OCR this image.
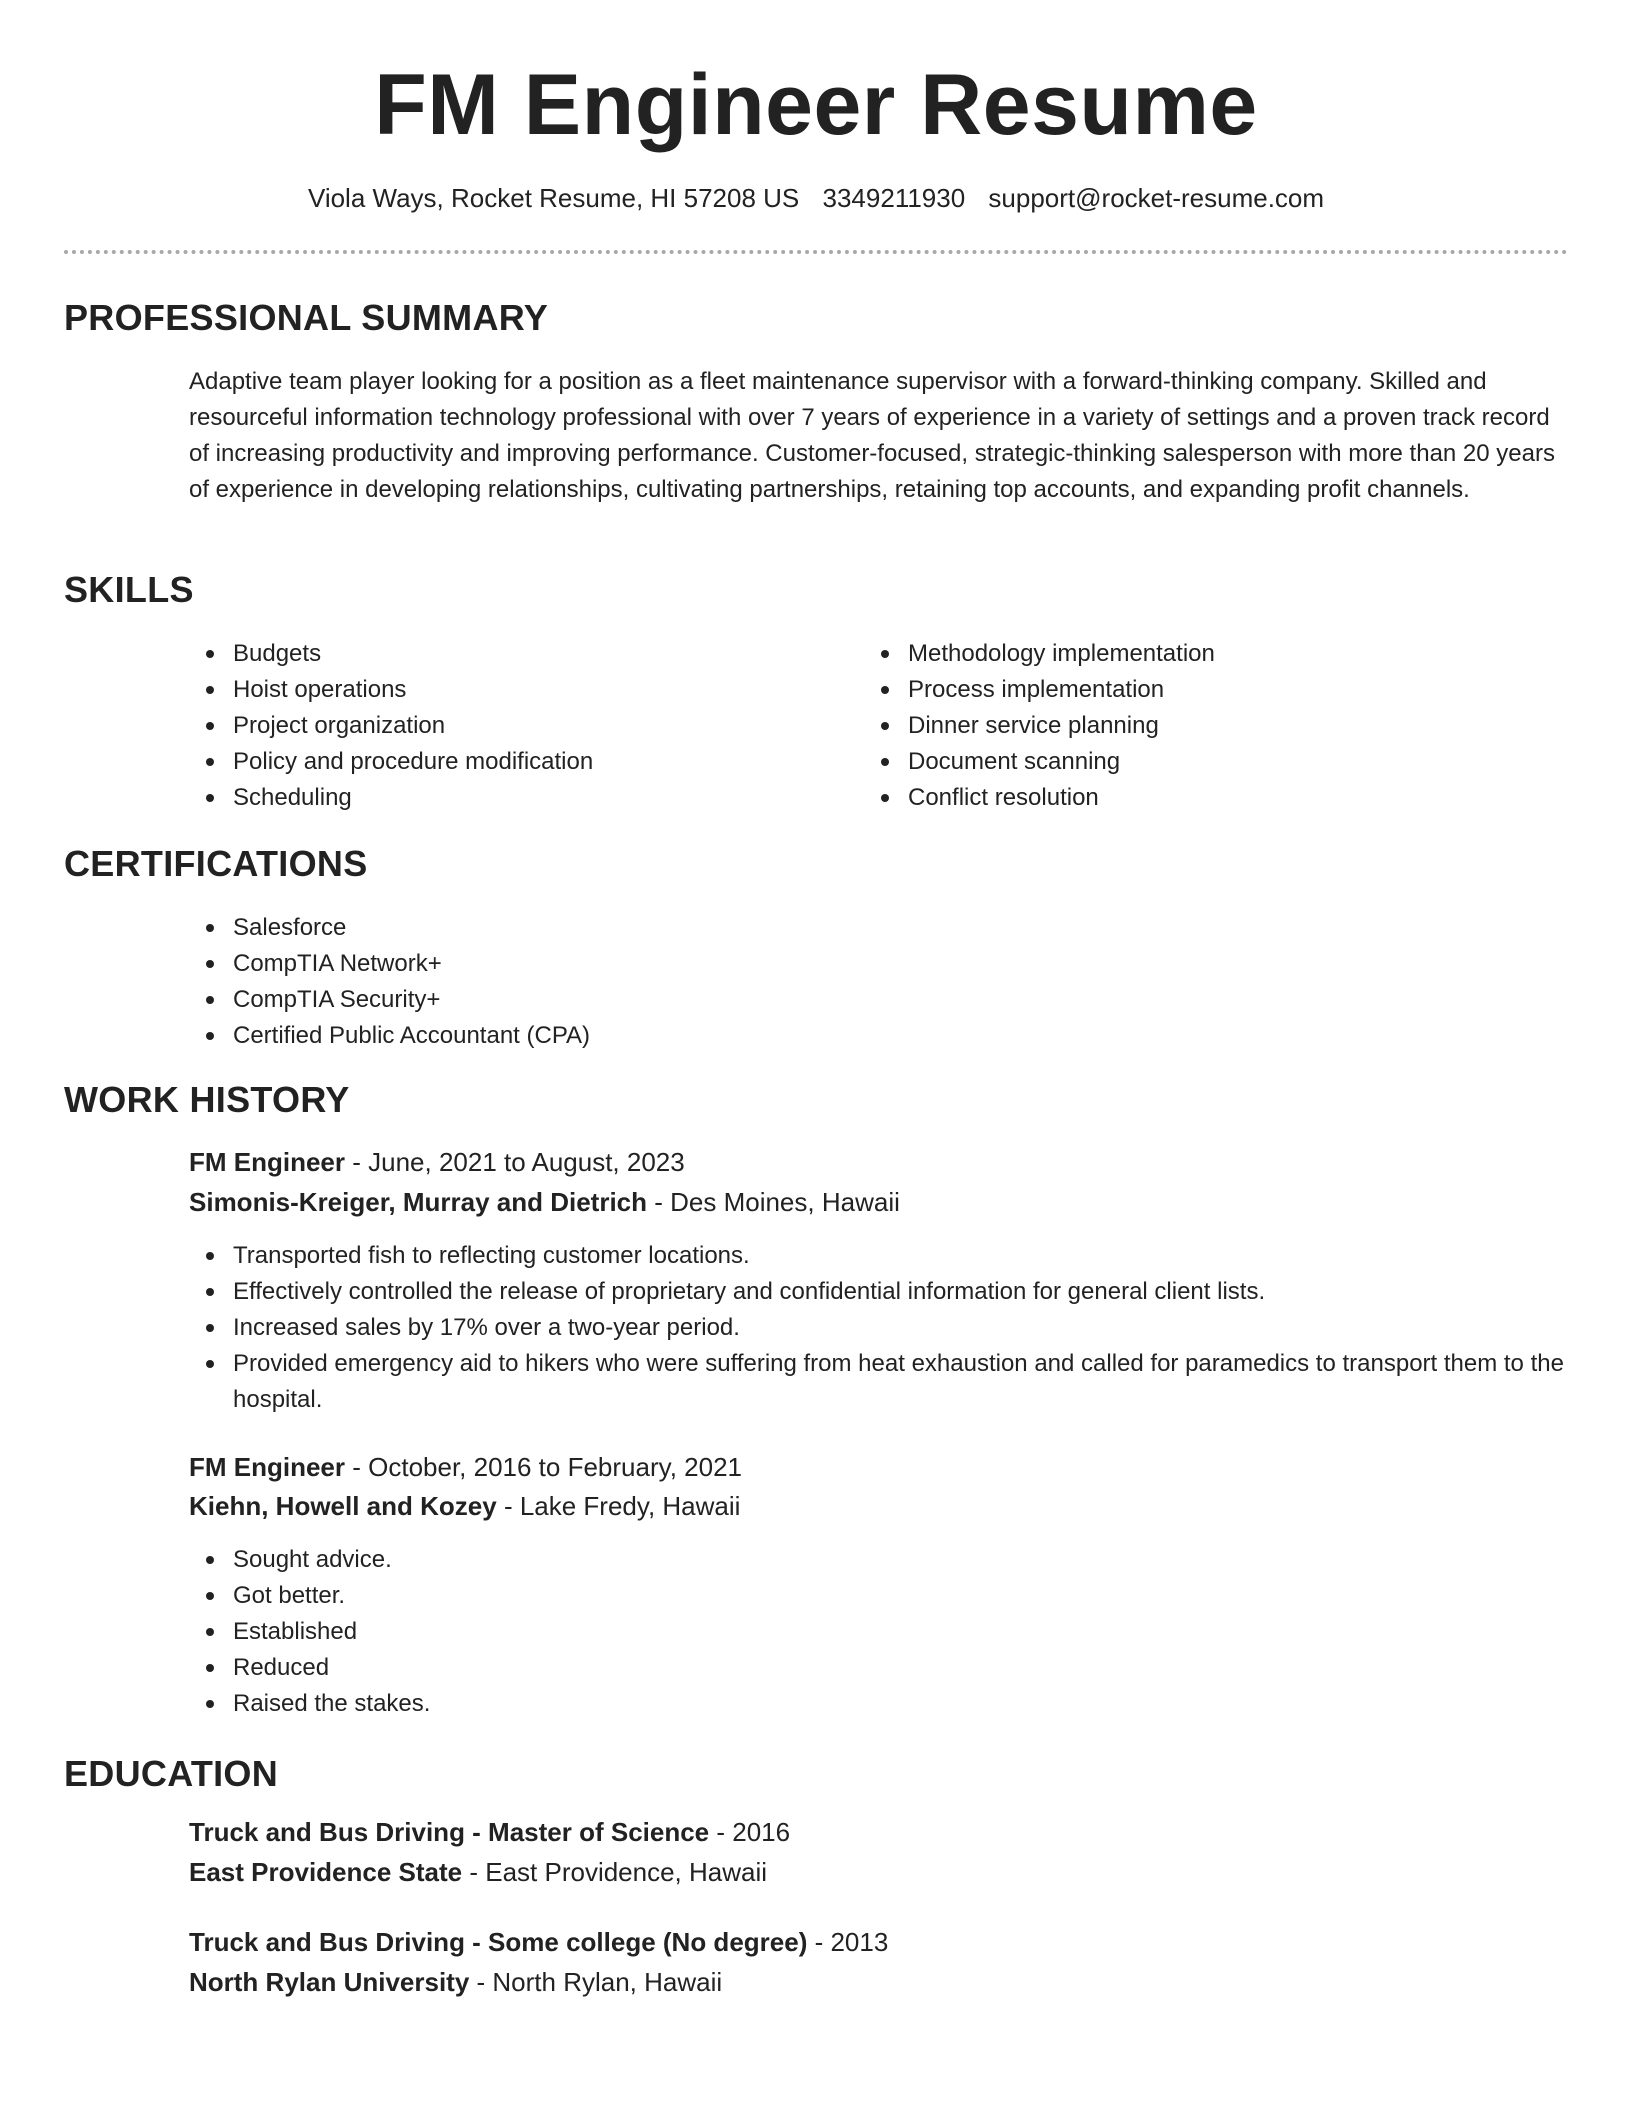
FM Engineer Resume
Viola Ways, Rocket Resume, HI 57208 US 3349211930 support@rocket-resume.com
PROFESSIONAL SUMMARY
Adaptive team player looking for a position as a fleet maintenance supervisor with a forward-thinking company. Skilled and resourceful information technology professional with over 7 years of experience in a variety of settings and a proven track record of increasing productivity and improving performance. Customer-focused, strategic-thinking salesperson with more than 20 years of experience in developing relationships, cultivating partnerships, retaining top accounts, and expanding profit channels.
SKILLS
Budgets
Hoist operations
Project organization
Policy and procedure modification
Scheduling
Methodology implementation
Process implementation
Dinner service planning
Document scanning
Conflict resolution
CERTIFICATIONS
Salesforce
CompTIA Network+
CompTIA Security+
Certified Public Accountant (CPA)
WORK HISTORY
FM Engineer - June, 2021 to August, 2023
Simonis-Kreiger, Murray and Dietrich - Des Moines, Hawaii
Transported fish to reflecting customer locations.
Effectively controlled the release of proprietary and confidential information for general client lists.
Increased sales by 17% over a two-year period.
Provided emergency aid to hikers who were suffering from heat exhaustion and called for paramedics to transport them to the hospital.
FM Engineer - October, 2016 to February, 2021
Kiehn, Howell and Kozey - Lake Fredy, Hawaii
Sought advice.
Got better.
Established
Reduced
Raised the stakes.
EDUCATION
Truck and Bus Driving - Master of Science - 2016
East Providence State - East Providence, Hawaii
Truck and Bus Driving - Some college (No degree) - 2013
North Rylan University - North Rylan, Hawaii
